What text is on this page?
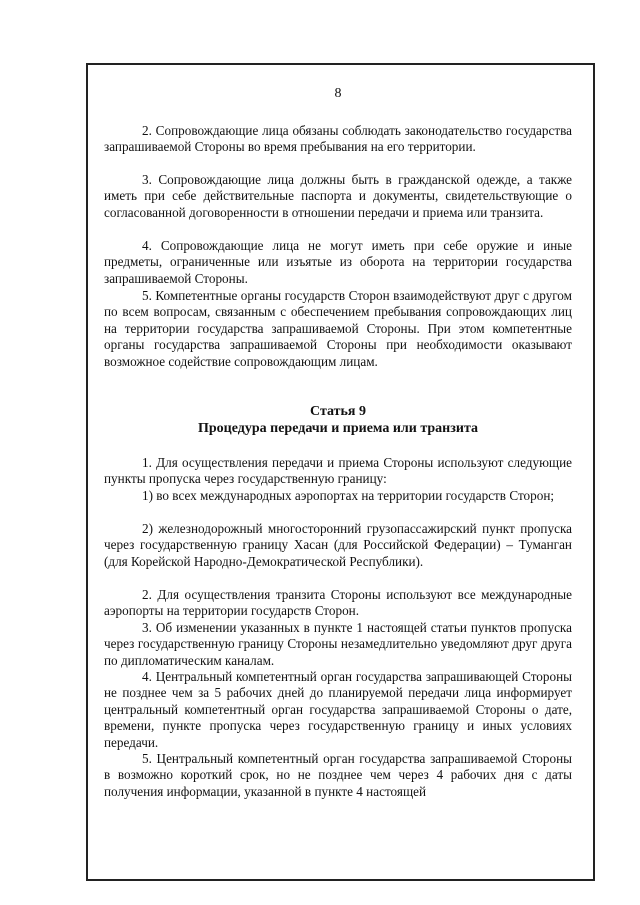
8

2. Сопровождающие лица обязаны соблюдать законодательство государства запрашиваемой Стороны во время пребывания на его территории.

3. Сопровождающие лица должны быть в гражданской одежде, а также иметь при себе действительные паспорта и документы, свидетельствующие о согласованной договоренности в отношении передачи и приема или транзита.

4. Сопровождающие лица не могут иметь при себе оружие и иные предметы, ограниченные или изъятые из оборота на территории государства запрашиваемой Стороны.

5. Компетентные органы государств Сторон взаимодействуют друг с другом по всем вопросам, связанным с обеспечением пребывания сопровождающих лиц на территории государства запрашиваемой Стороны. При этом компетентные органы государства запрашиваемой Стороны при необходимости оказывают возможное содействие сопровождающим лицам.

Статья 9
Процедура передачи и приема или транзита

1. Для осуществления передачи и приема Стороны используют следующие пункты пропуска через государственную границу:

1) во всех международных аэропортах на территории государств Сторон;

2) железнодорожный многосторонний грузопассажирский пункт пропуска через государственную границу Хасан (для Российской Федерации) – Туманган (для Корейской Народно-Демократической Республики).

2. Для осуществления транзита Стороны используют все международные аэропорты на территории государств Сторон.

3. Об изменении указанных в пункте 1 настоящей статьи пунктов пропуска через государственную границу Стороны незамедлительно уведомляют друг друга по дипломатическим каналам.

4. Центральный компетентный орган государства запрашивающей Стороны не позднее чем за 5 рабочих дней до планируемой передачи лица информирует центральный компетентный орган государства запрашиваемой Стороны о дате, времени, пункте пропуска через государственную границу и иных условиях передачи.

5. Центральный компетентный орган государства запрашиваемой Стороны в возможно короткий срок, но не позднее чем через 4 рабочих дня с даты получения информации, указанной в пункте 4 настоящей
